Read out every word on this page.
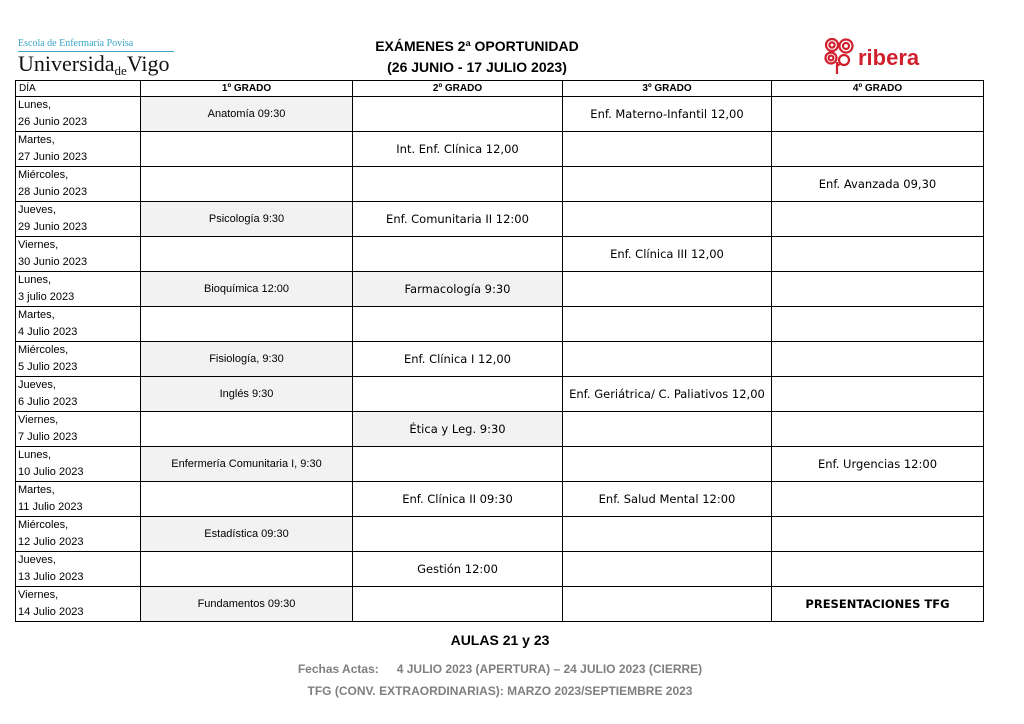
Escola de Enfermaría Povisa
UniversidadeVigo
EXÁMENES 2ª OPORTUNIDAD
(26 JUNIO - 17 JULIO 2023)	ribera
DÍA	1º GRADO	2º GRADO	3º GRADO	4º GRADO

Lunes,
26 Junio 2023	Anatomía 09:30		Enf. Materno-Infantil 12,00	

Martes,
27 Junio 2023		Int. Enf. Clínica 12,00		

Miércoles,
28 Junio 2023				Enf. Avanzada 09,30

Jueves,
29 Junio 2023	Psicología 9:30	Enf. Comunitaria II 12:00		

Viernes,
30 Junio 2023			Enf. Clínica III 12,00	

Lunes,
3 julio 2023	Bioquímica 12:00	Farmacología 9:30		

Martes,
4 Julio 2023				

Miércoles,
5 Julio 2023	Fisiología, 9:30	Enf. Clínica I 12,00		

Jueves,
6 Julio 2023	Inglés 9:30		Enf. Geriátrica/ C. Paliativos 12,00	

Viernes,
7 Julio 2023		Ética y Leg. 9:30		

Lunes,
10 Julio 2023	Enfermería Comunitaria I, 9:30			Enf. Urgencias 12:00

Martes,
11 Julio 2023		Enf. Clínica II 09:30	Enf. Salud Mental 12:00	

Miércoles,
12 Julio 2023	Estadística 09:30			

Jueves,
13 Julio 2023		Gestión 12:00		

Viernes,
14 Julio 2023	Fundamentos 09:30			PRESENTACIONES TFG
AULAS 21 y 23
Fechas Actas: 4 JULIO 2023 (APERTURA) – 24 JULIO 2023 (CIERRE)
TFG (CONV. EXTRAORDINARIAS): MARZO 2023/SEPTIEMBRE 2023
